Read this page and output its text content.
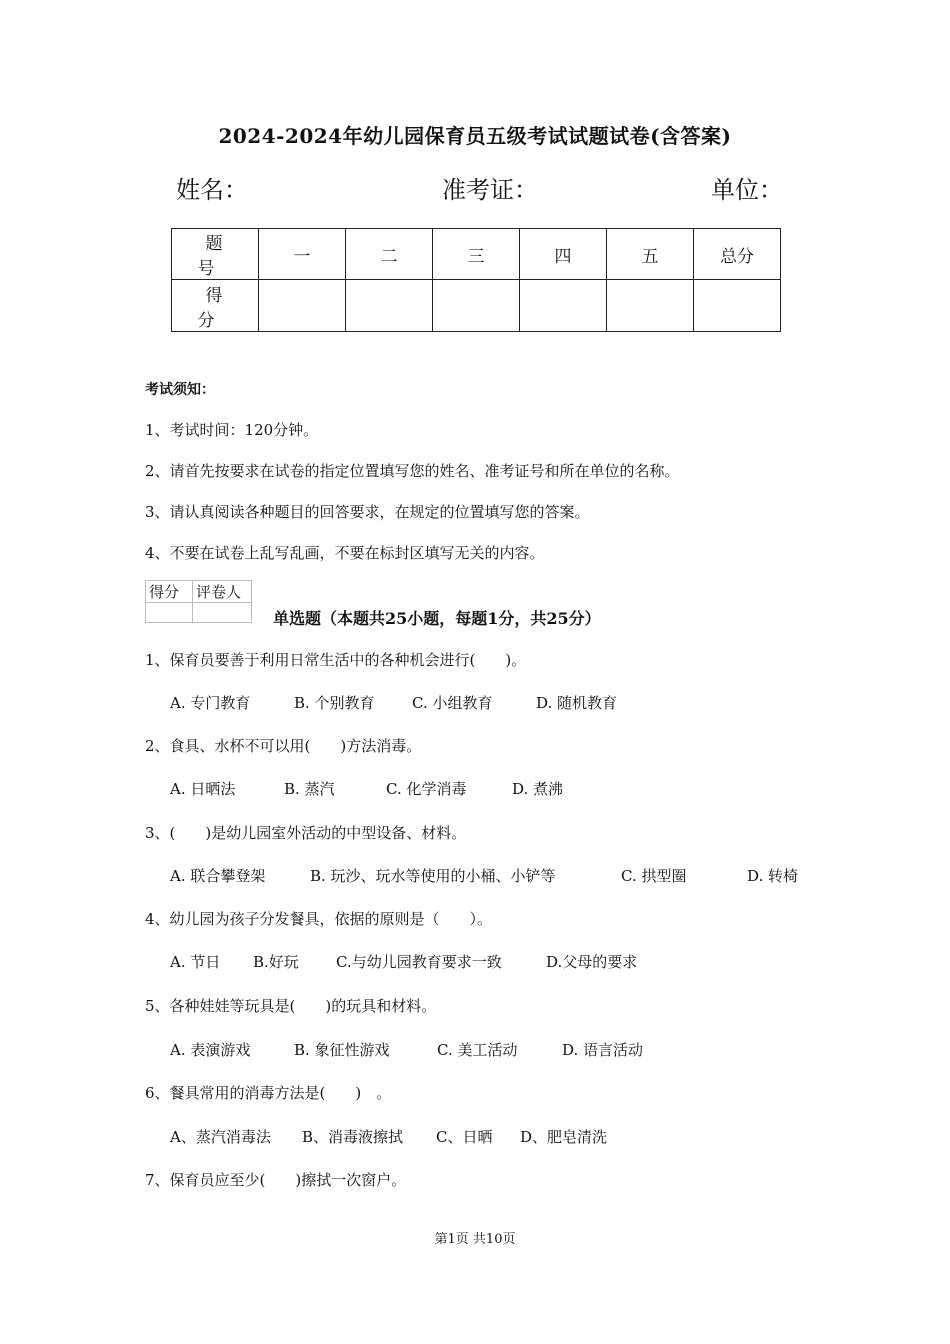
2024-2024年幼儿园保育员五级考试试题试卷(含答案)
姓名：	准考证：	单位：
题　号	一	二	三	四	五	总分
得　分						
考试须知：
1、考试时间：120分钟。
2、请首先按要求在试卷的指定位置填写您的姓名、准考证号和所在单位的名称。
3、请认真阅读各种题目的回答要求，在规定的位置填写您的答案。
4、不要在试卷上乱写乱画，不要在标封区填写无关的内容。
得分	评卷人

单选题（本题共25小题，每题1分，共25分）
1、保育员要善于利用日常生活中的各种机会进行(　　)。
A. 专门教育	B. 个别教育 C. 小组教育	D. 随机教育
2、食具、水杯不可以用(　　)方法消毒。
A. 日晒法	B. 蒸汽	C. 化学消毒	D. 煮沸
3、(　　)是幼儿园室外活动的中型设备、材料。
A. 联合攀登架	B. 玩沙、玩水等使用的小桶、小铲等	C. 拱型圈	D. 转椅
4、幼儿园为孩子分发餐具，依据的原则是（　　）。
A. 节日 B.好玩 C.与幼儿园教育要求一致	D.父母的要求
5、各种娃娃等玩具是(　　)的玩具和材料。
A. 表演游戏	B. 象征性游戏	C. 美工活动	D. 语言活动
6、餐具常用的消毒方法是(　　)　。
A、蒸汽消毒法 B、消毒液擦拭 C、日晒 D、肥皂清洗
7、保育员应至少(　　)擦拭一次窗户。
第1页 共10页
